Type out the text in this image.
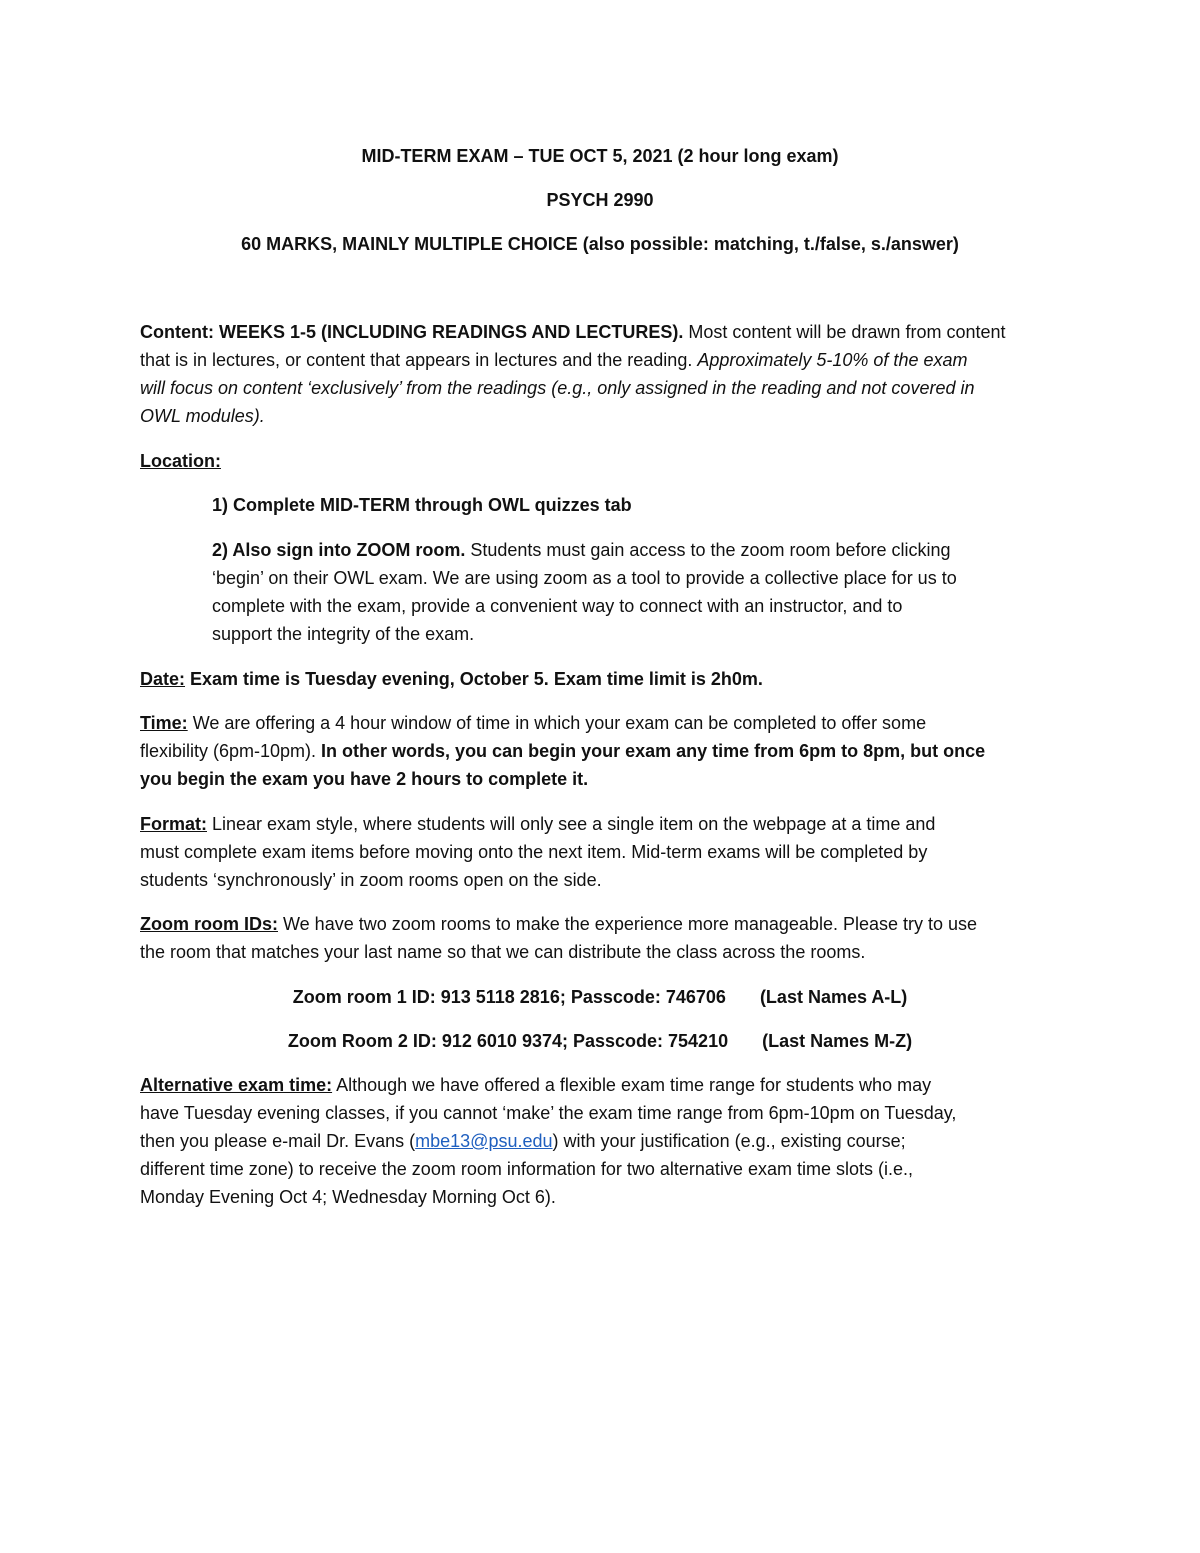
MID-TERM EXAM – TUE OCT 5, 2021 (2 hour long exam)
PSYCH 2990
60 MARKS, MAINLY MULTIPLE CHOICE (also possible: matching, t./false, s./answer)
Content: WEEKS 1-5 (INCLUDING READINGS AND LECTURES). Most content will be drawn from content
that is in lectures, or content that appears in lectures and the reading. Approximately 5-10% of the exam
will focus on content ‘exclusively’ from the readings (e.g., only assigned in the reading and not covered in
OWL modules).
Location:
1) Complete MID-TERM through OWL quizzes tab
2) Also sign into ZOOM room. Students must gain access to the zoom room before clicking
‘begin’ on their OWL exam. We are using zoom as a tool to provide a collective place for us to
complete with the exam, provide a convenient way to connect with an instructor, and to
support the integrity of the exam.
Date: Exam time is Tuesday evening, October 5. Exam time limit is 2h0m.
Time: We are offering a 4 hour window of time in which your exam can be completed to offer some
flexibility (6pm-10pm). In other words, you can begin your exam any time from 6pm to 8pm, but once
you begin the exam you have 2 hours to complete it.
Format: Linear exam style, where students will only see a single item on the webpage at a time and
must complete exam items before moving onto the next item. Mid-term exams will be completed by
students ‘synchronously’ in zoom rooms open on the side.
Zoom room IDs: We have two zoom rooms to make the experience more manageable. Please try to use
the room that matches your last name so that we can distribute the class across the rooms.
Zoom room 1 ID: 913 5118 2816; Passcode: 746706 (Last Names A-L)
Zoom Room 2 ID: 912 6010 9374; Passcode: 754210 (Last Names M-Z)
Alternative exam time: Although we have offered a flexible exam time range for students who may
have Tuesday evening classes, if you cannot ‘make’ the exam time range from 6pm-10pm on Tuesday,
then you please e-mail Dr. Evans (mbe13@psu.edu) with your justification (e.g., existing course;
different time zone) to receive the zoom room information for two alternative exam time slots (i.e.,
Monday Evening Oct 4; Wednesday Morning Oct 6).
